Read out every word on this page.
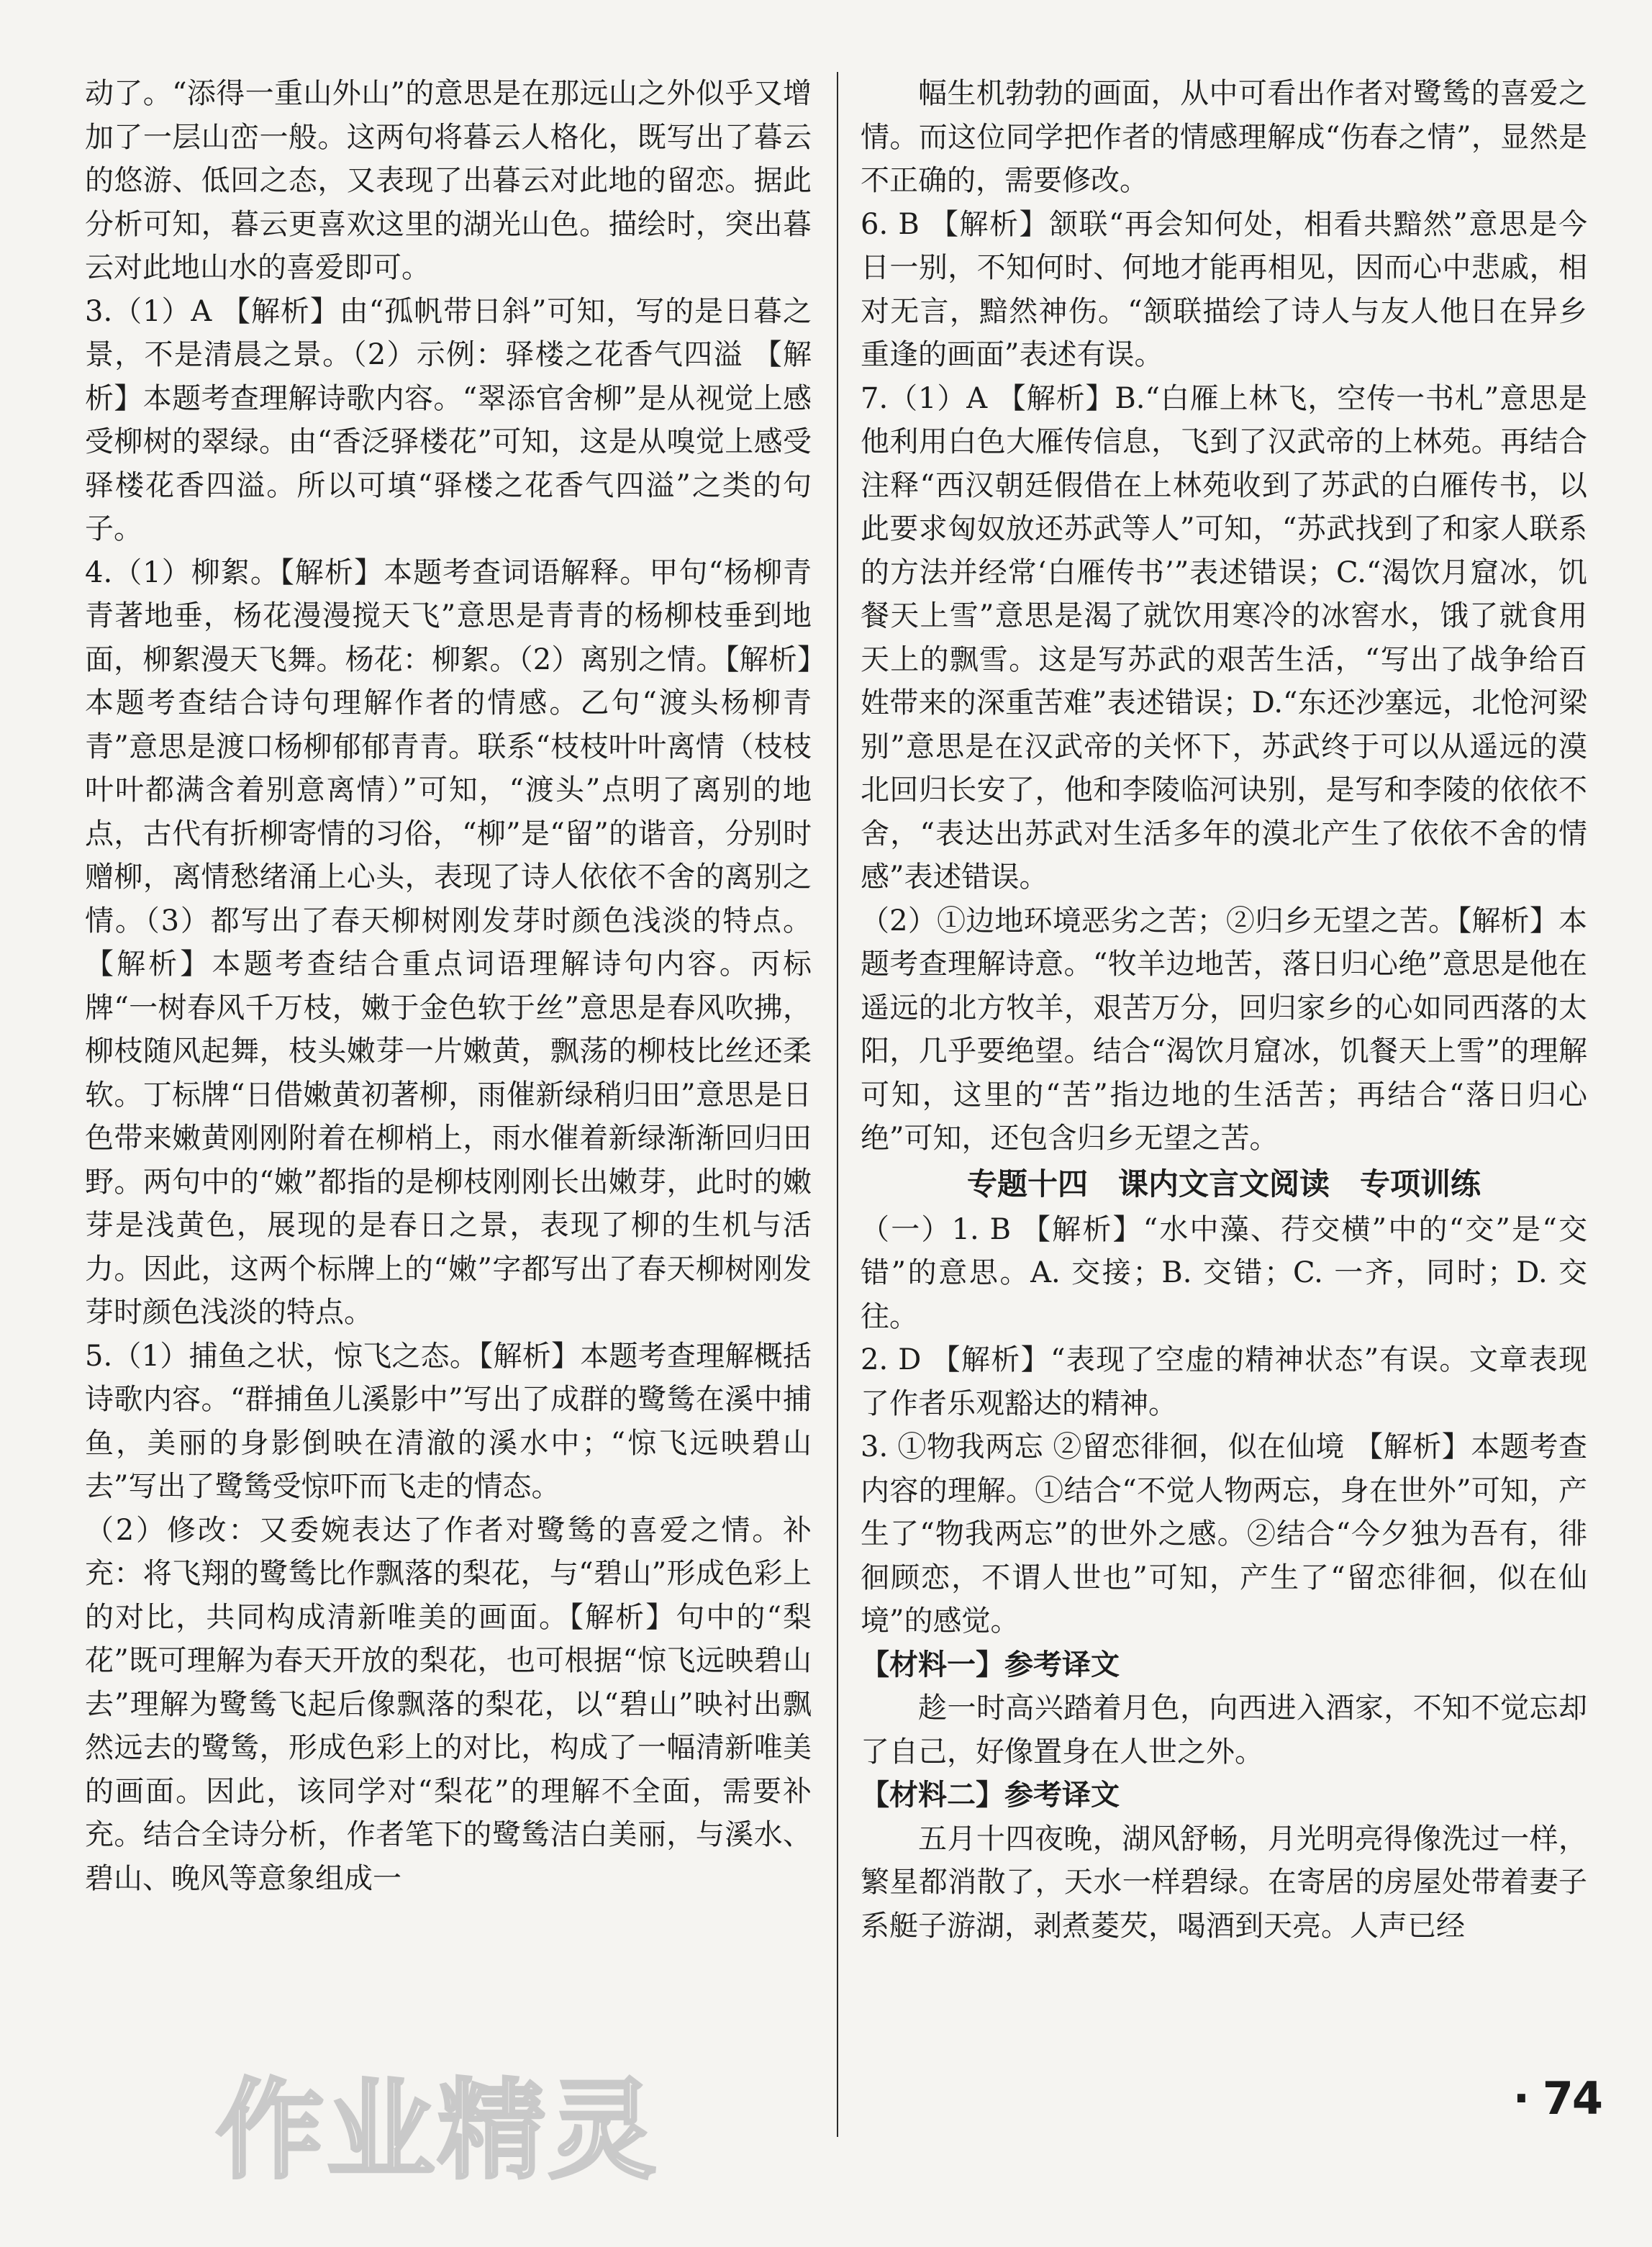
动了。“添得一重山外山”的意思是在那远山之外似乎又增加了一层山峦一般。这两句将暮云人格化，既写出了暮云的悠游、低回之态，又表现了出暮云对此地的留恋。据此分析可知，暮云更喜欢这里的湖光山色。描绘时，突出暮云对此地山水的喜爱即可。

3.（1）A 【解析】由“孤帆带日斜”可知，写的是日暮之景，不是清晨之景。（2）示例：驿楼之花香气四溢 【解析】本题考查理解诗歌内容。“翠添官舍柳”是从视觉上感受柳树的翠绿。由“香泛驿楼花”可知，这是从嗅觉上感受驿楼花香四溢。所以可填“驿楼之花香气四溢”之类的句子。

4.（1）柳絮。【解析】本题考查词语解释。甲句“杨柳青青著地垂，杨花漫漫搅天飞”意思是青青的杨柳枝垂到地面，柳絮漫天飞舞。杨花：柳絮。（2）离别之情。【解析】本题考查结合诗句理解作者的情感。乙句“渡头杨柳青青”意思是渡口杨柳郁郁青青。联系“枝枝叶叶离情（枝枝叶叶都满含着别意离情）”可知，“渡头”点明了离别的地点，古代有折柳寄情的习俗，“柳”是“留”的谐音，分别时赠柳，离情愁绪涌上心头，表现了诗人依依不舍的离别之情。（3）都写出了春天柳树刚发芽时颜色浅淡的特点。【解析】本题考查结合重点词语理解诗句内容。丙标牌“一树春风千万枝，嫩于金色软于丝”意思是春风吹拂，柳枝随风起舞，枝头嫩芽一片嫩黄，飘荡的柳枝比丝还柔软。丁标牌“日借嫩黄初著柳，雨催新绿稍归田”意思是日色带来嫩黄刚刚附着在柳梢上，雨水催着新绿渐渐回归田野。两句中的“嫩”都指的是柳枝刚刚长出嫩芽，此时的嫩芽是浅黄色，展现的是春日之景，表现了柳的生机与活力。因此，这两个标牌上的“嫩”字都写出了春天柳树刚发芽时颜色浅淡的特点。

5.（1）捕鱼之状，惊飞之态。【解析】本题考查理解概括诗歌内容。“群捕鱼儿溪影中”写出了成群的鹭鸶在溪中捕鱼，美丽的身影倒映在清澈的溪水中；“惊飞远映碧山去”写出了鹭鸶受惊吓而飞走的情态。

（2）修改：又委婉表达了作者对鹭鸶的喜爱之情。补充：将飞翔的鹭鸶比作飘落的梨花，与“碧山”形成色彩上的对比，共同构成清新唯美的画面。【解析】句中的“梨花”既可理解为春天开放的梨花，也可根据“惊飞远映碧山去”理解为鹭鸶飞起后像飘落的梨花，以“碧山”映衬出飘然远去的鹭鸶，形成色彩上的对比，构成了一幅清新唯美的画面。因此，该同学对“梨花”的理解不全面，需要补充。结合全诗分析，作者笔下的鹭鸶洁白美丽，与溪水、碧山、晚风等意象组成一

幅生机勃勃的画面，从中可看出作者对鹭鸶的喜爱之情。而这位同学把作者的情感理解成“伤春之情”，显然是不正确的，需要修改。

6. B 【解析】颔联“再会知何处，相看共黯然”意思是今日一别，不知何时、何地才能再相见，因而心中悲戚，相对无言，黯然神伤。“颔联描绘了诗人与友人他日在异乡重逢的画面”表述有误。

7.（1）A 【解析】B.“白雁上林飞，空传一书札”意思是他利用白色大雁传信息，飞到了汉武帝的上林苑。再结合注释“西汉朝廷假借在上林苑收到了苏武的白雁传书，以此要求匈奴放还苏武等人”可知，“苏武找到了和家人联系的方法并经常‘白雁传书’”表述错误；C.“渴饮月窟冰，饥餐天上雪”意思是渴了就饮用寒冷的冰窖水，饿了就食用天上的飘雪。这是写苏武的艰苦生活，“写出了战争给百姓带来的深重苦难”表述错误；D.“东还沙塞远，北怆河梁别”意思是在汉武帝的关怀下，苏武终于可以从遥远的漠北回归长安了，他和李陵临河诀别，是写和李陵的依依不舍，“表达出苏武对生活多年的漠北产生了依依不舍的情感”表述错误。

（2）①边地环境恶劣之苦；②归乡无望之苦。【解析】本题考查理解诗意。“牧羊边地苦，落日归心绝”意思是他在遥远的北方牧羊，艰苦万分，回归家乡的心如同西落的太阳，几乎要绝望。结合“渴饮月窟冰，饥餐天上雪”的理解可知，这里的“苦”指边地的生活苦；再结合“落日归心绝”可知，还包含归乡无望之苦。

专题十四　课内文言文阅读　专项训练

（一）1. B 【解析】“水中藻、荇交横”中的“交”是“交错”的意思。A. 交接；B. 交错；C. 一齐，同时；D. 交往。

2. D 【解析】“表现了空虚的精神状态”有误。文章表现了作者乐观豁达的精神。

3. ①物我两忘 ②留恋徘徊，似在仙境 【解析】本题考查内容的理解。①结合“不觉人物两忘，身在世外”可知，产生了“物我两忘”的世外之感。②结合“今夕独为吾有，徘徊顾恋，不谓人世也”可知，产生了“留恋徘徊，似在仙境”的感觉。

【材料一】参考译文

趁一时高兴踏着月色，向西进入酒家，不知不觉忘却了自己，好像置身在人世之外。

【材料二】参考译文

五月十四夜晚，湖风舒畅，月光明亮得像洗过一样，繁星都消散了，天水一样碧绿。在寄居的房屋处带着妻子系艇子游湖，剥煮菱芡，喝酒到天亮。人声已经

作业精灵	· 74
